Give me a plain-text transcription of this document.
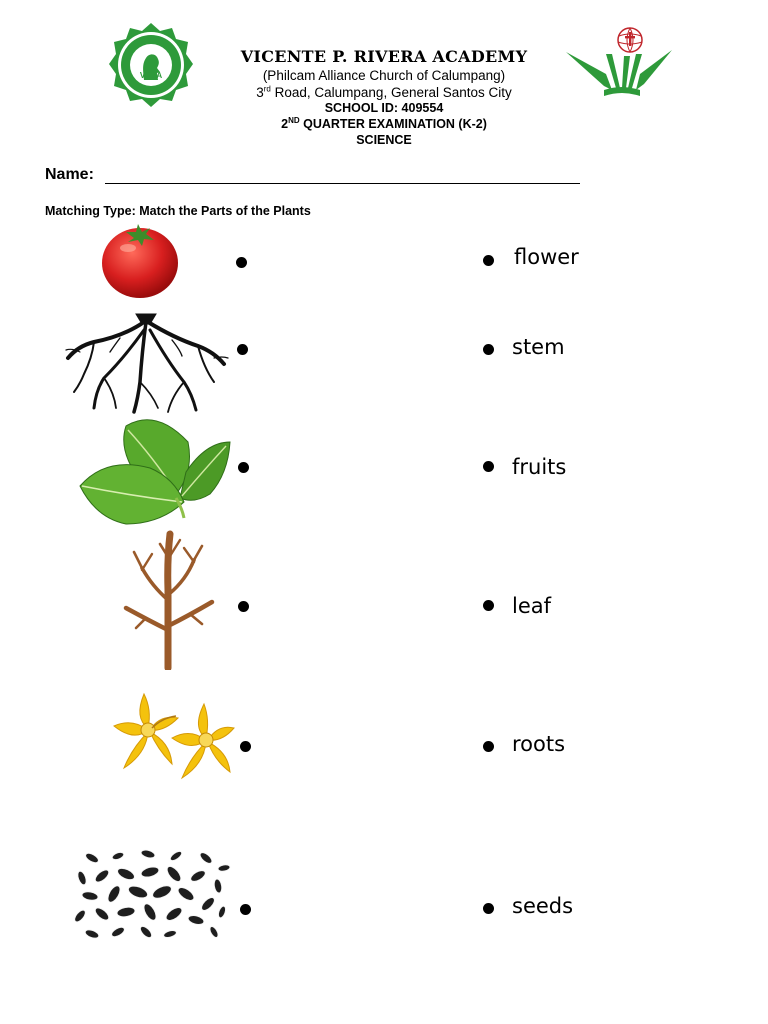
VPRA
VICENTE P. RIVERA ACADEMY
(Philcam Alliance Church of Calumpang)
3rd Road, Calumpang, General Santos City
SCHOOL ID: 409554
2ND QUARTER EXAMINATION (K-2)
SCIENCE
Name:
Matching Type: Match the Parts of the Plants
flower
stem
fruits
leaf
roots
seeds
